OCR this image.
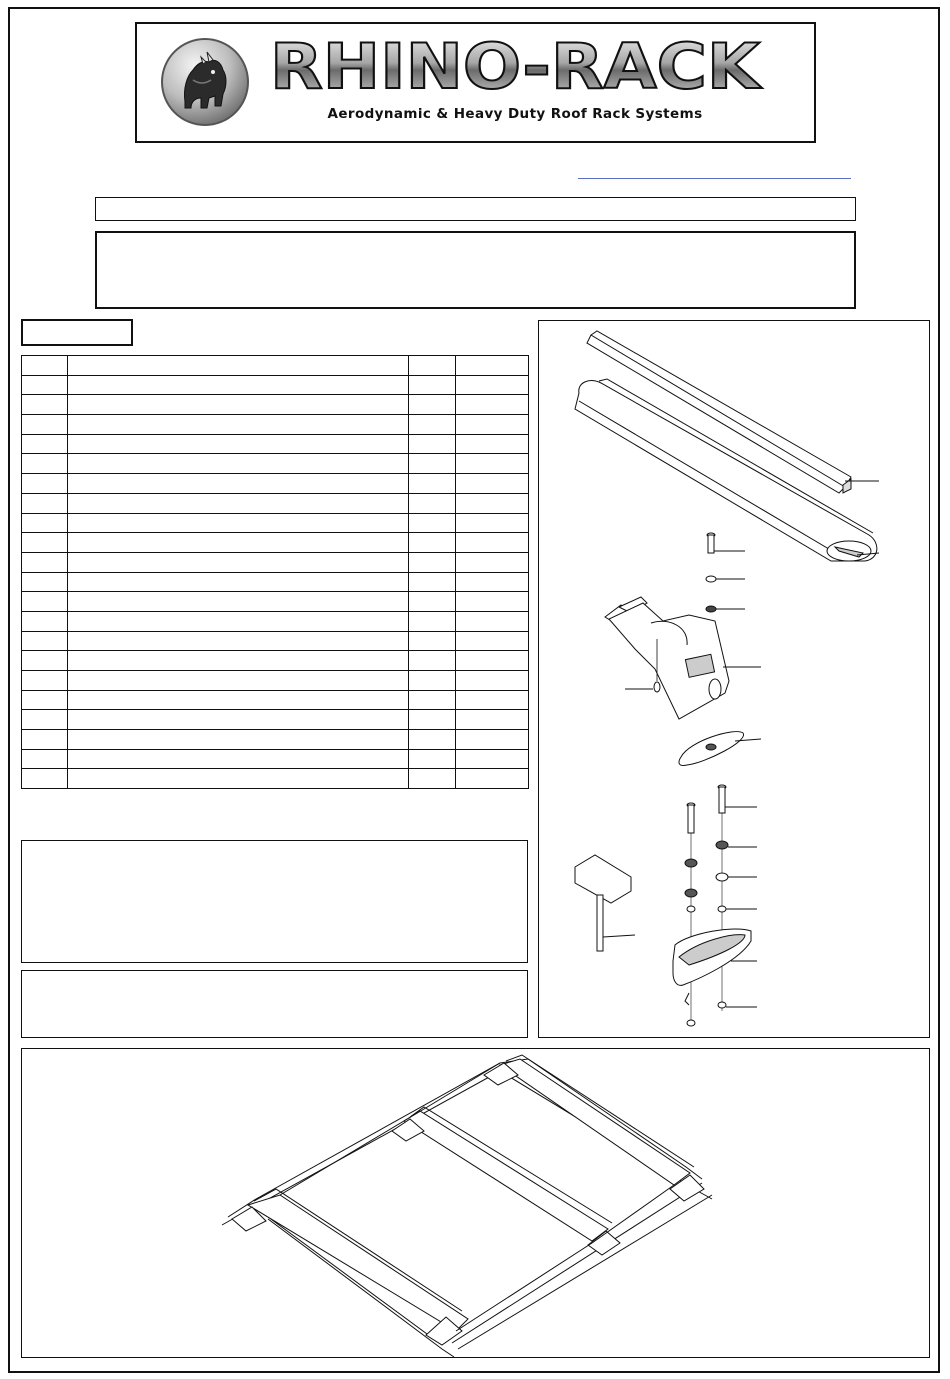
RHINO-RACK
Aerodynamic & Heavy Duty Roof Rack Systems
